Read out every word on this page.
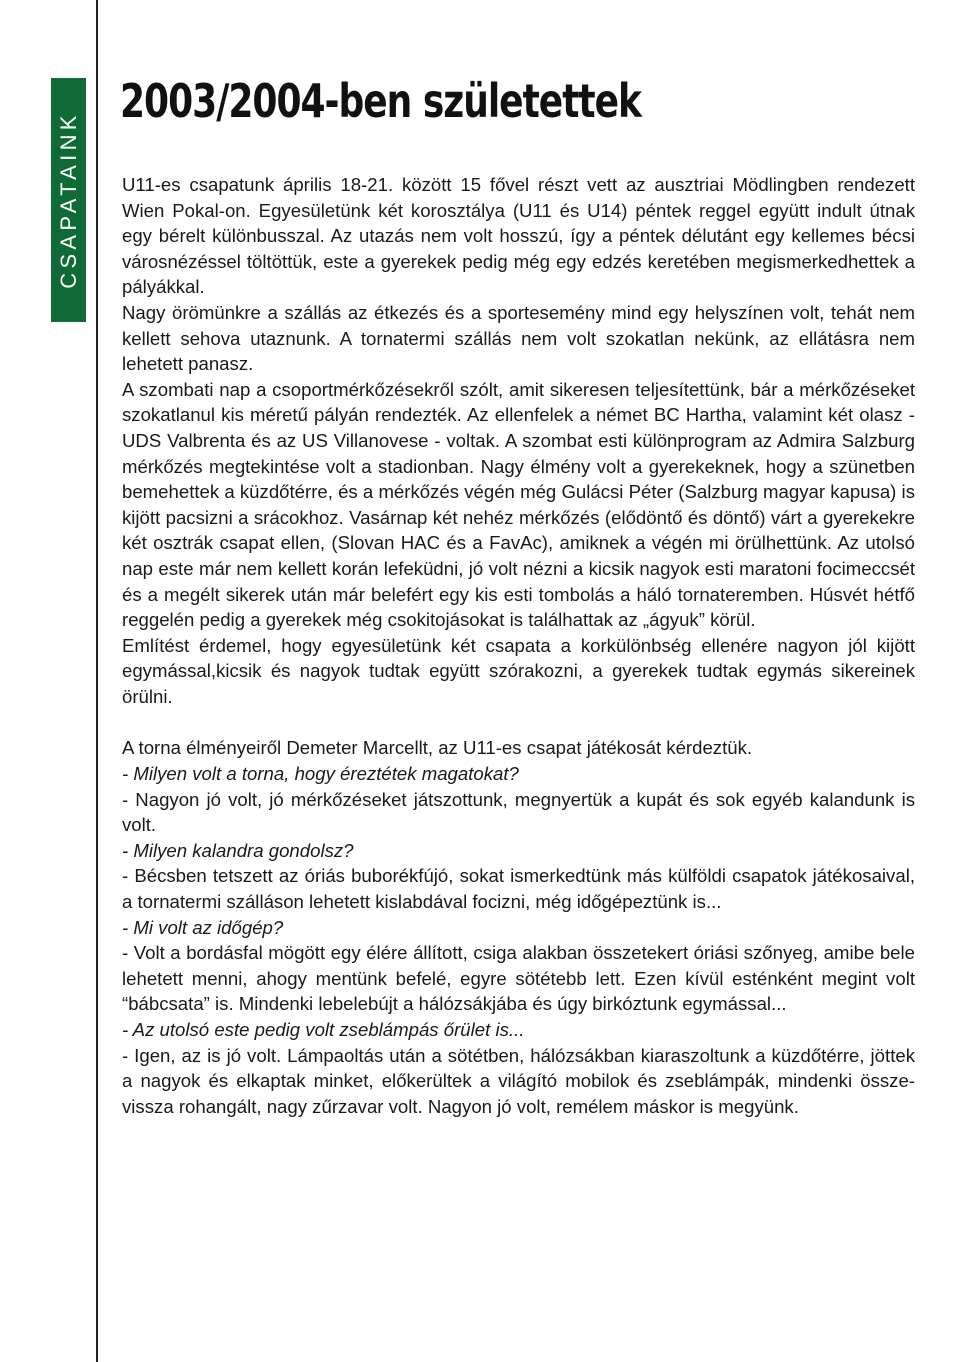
CSAPATAINK
2003/2004-ben születettek

U11-es csapatunk április 18-21. között 15 fővel részt vett az ausztriai Mödlingben rendezett Wien Pokal-on. Egyesületünk két korosztálya (U11 és U14) péntek reggel együtt indult útnak egy bérelt különbusszal. Az utazás nem volt hosszú, így a péntek délutánt egy kellemes bécsi városnézéssel töltöttük, este a gyerekek pedig még egy edzés keretében megismerkedhettek a pályákkal.

Nagy örömünkre a szállás az étkezés és a sportesemény mind egy helyszínen volt, tehát nem kellett sehova utaznunk. A tornatermi szállás nem volt szokatlan nekünk, az ellátásra nem lehetett panasz.

A szombati nap a csoportmérkőzésekről szólt, amit sikeresen teljesítettünk, bár a mérkőzéseket szokatlanul kis méretű pályán rendezték. Az ellenfelek a német BC Hartha, valamint két olasz - UDS Valbrenta és az US Villanovese - voltak. A szombat esti különprogram az Admira Salzburg mérkőzés megtekintése volt a stadionban. Nagy élmény volt a gyerekeknek, hogy a szünetben bemehettek a küzdőtérre, és a mérkőzés végén még Gulácsi Péter (Salzburg magyar kapusa) is kijött pacsizni a srácokhoz. Vasárnap két nehéz mérkőzés (elődöntő és döntő) várt a gyerekekre két osztrák csapat ellen, (Slovan HAC és a FavAc), amiknek a végén mi örülhettünk. Az utolsó nap este már nem kellett korán lefeküdni, jó volt nézni a kicsik nagyok esti maratoni focimeccsét és a megélt sikerek után már belefért egy kis esti tombolás a háló tornateremben. Húsvét hétfő reggelén pedig a gyerekek még csokitojásokat is találhattak az „ágyuk” körül.

Említést érdemel, hogy egyesületünk két csapata a korkülönbség ellenére nagyon jól kijött egymással,kicsik és nagyok tudtak együtt szórakozni, a gyerekek tudtak egymás sikereinek örülni.

A torna élményeiről Demeter Marcellt, az U11-es csapat játékosát kérdeztük.

- Milyen volt a torna, hogy éreztétek magatokat?

- Nagyon jó volt, jó mérkőzéseket játszottunk, megnyertük a kupát és sok egyéb kalandunk is volt.

- Milyen kalandra gondolsz?

- Bécsben tetszett az óriás buborékfújó, sokat ismerkedtünk más külföldi csapatok játékosaival, a tornatermi szálláson lehetett kislabdával focizni, még időgépeztünk is...

- Mi volt az időgép?

- Volt a bordásfal mögött egy élére állított, csiga alakban összetekert óriási szőnyeg, amibe bele lehetett menni, ahogy mentünk befelé, egyre sötétebb lett. Ezen kívül esténként megint volt “bábcsata” is. Mindenki lebelebújt a hálózsákjába és úgy birkóztunk egymással...

- Az utolsó este pedig volt zseblámpás őrület is...

- Igen, az is jó volt. Lámpaoltás után a sötétben, hálózsákban kiaraszoltunk a küzdőtérre, jöttek a nagyok és elkaptak minket, előkerültek a világító mobilok és zseblámpák, mindenki össze-vissza rohangált, nagy zűrzavar volt. Nagyon jó volt, remélem máskor is megyünk.
